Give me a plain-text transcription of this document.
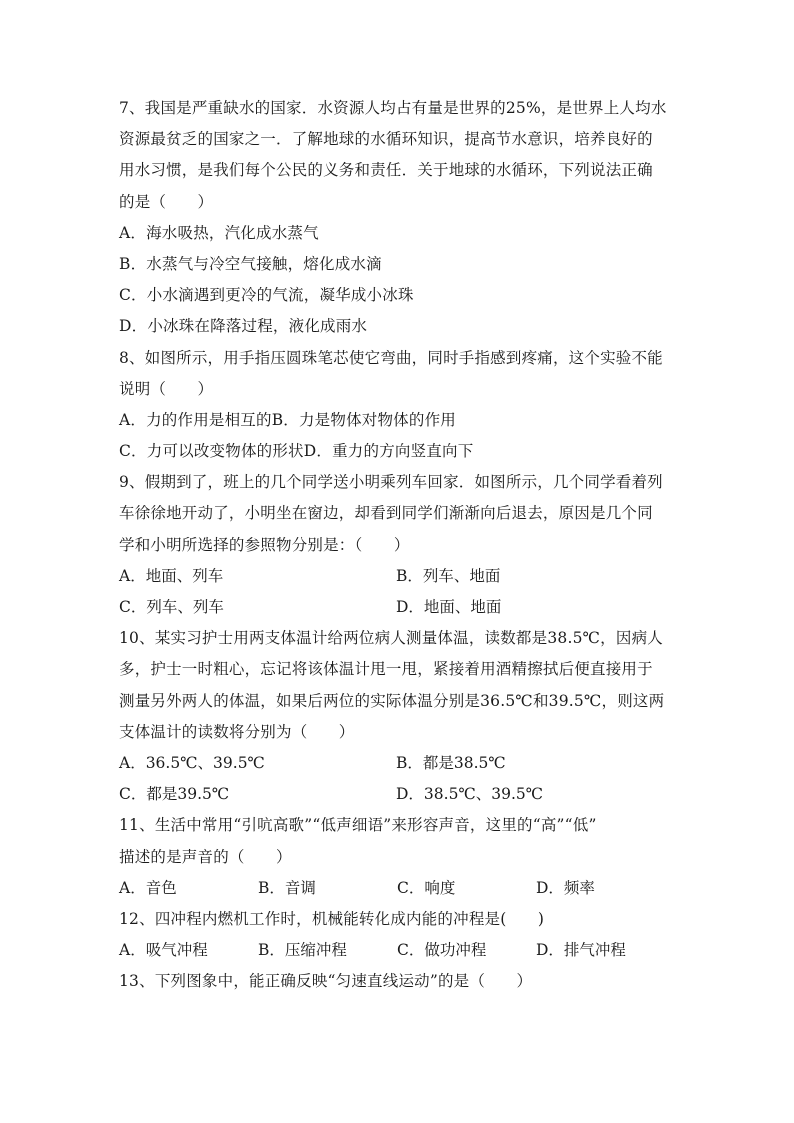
7、我国是严重缺水的国家．水资源人均占有量是世界的25%，是世界上人均水
资源最贫乏的国家之一．了解地球的水循环知识，提高节水意识，培养良好的
用水习惯，是我们每个公民的义务和责任．关于地球的水循环，下列说法正确
的是（　　）
A．海水吸热，汽化成水蒸气
B．水蒸气与冷空气接触，熔化成水滴
C．小水滴遇到更冷的气流，凝华成小冰珠
D．小冰珠在降落过程，液化成雨水
8、如图所示，用手指压圆珠笔芯使它弯曲，同时手指感到疼痛，这个实验不能
说明（　　）
A．力的作用是相互的B．力是物体对物体的作用
C．力可以改变物体的形状D．重力的方向竖直向下
9、假期到了，班上的几个同学送小明乘列车回家．如图所示，几个同学看着列
车徐徐地开动了，小明坐在窗边，却看到同学们渐渐向后退去，原因是几个同
学和小明所选择的参照物分别是：（　　）
A．地面、列车	B．列车、地面
C．列车、列车	D．地面、地面
10、某实习护士用两支体温计给两位病人测量体温，读数都是38.5℃，因病人
多，护士一时粗心，忘记将该体温计甩一甩，紧接着用酒精擦拭后便直接用于
测量另外两人的体温，如果后两位的实际体温分别是36.5℃和39.5℃，则这两
支体温计的读数将分别为（　　）
A．36.5℃、39.5℃	B．都是38.5℃
C．都是39.5℃	D．38.5℃、39.5℃
11、生活中常用“引吭高歌”“低声细语”来形容声音，这里的“高”“低”
描述的是声音的（　　）
A．音色	B．音调	C．响度	D．频率
12、四冲程内燃机工作时，机械能转化成内能的冲程是(　　)
A．吸气冲程	B．压缩冲程	C．做功冲程	D．排气冲程
13、下列图象中，能正确反映“匀速直线运动”的是（　　）
